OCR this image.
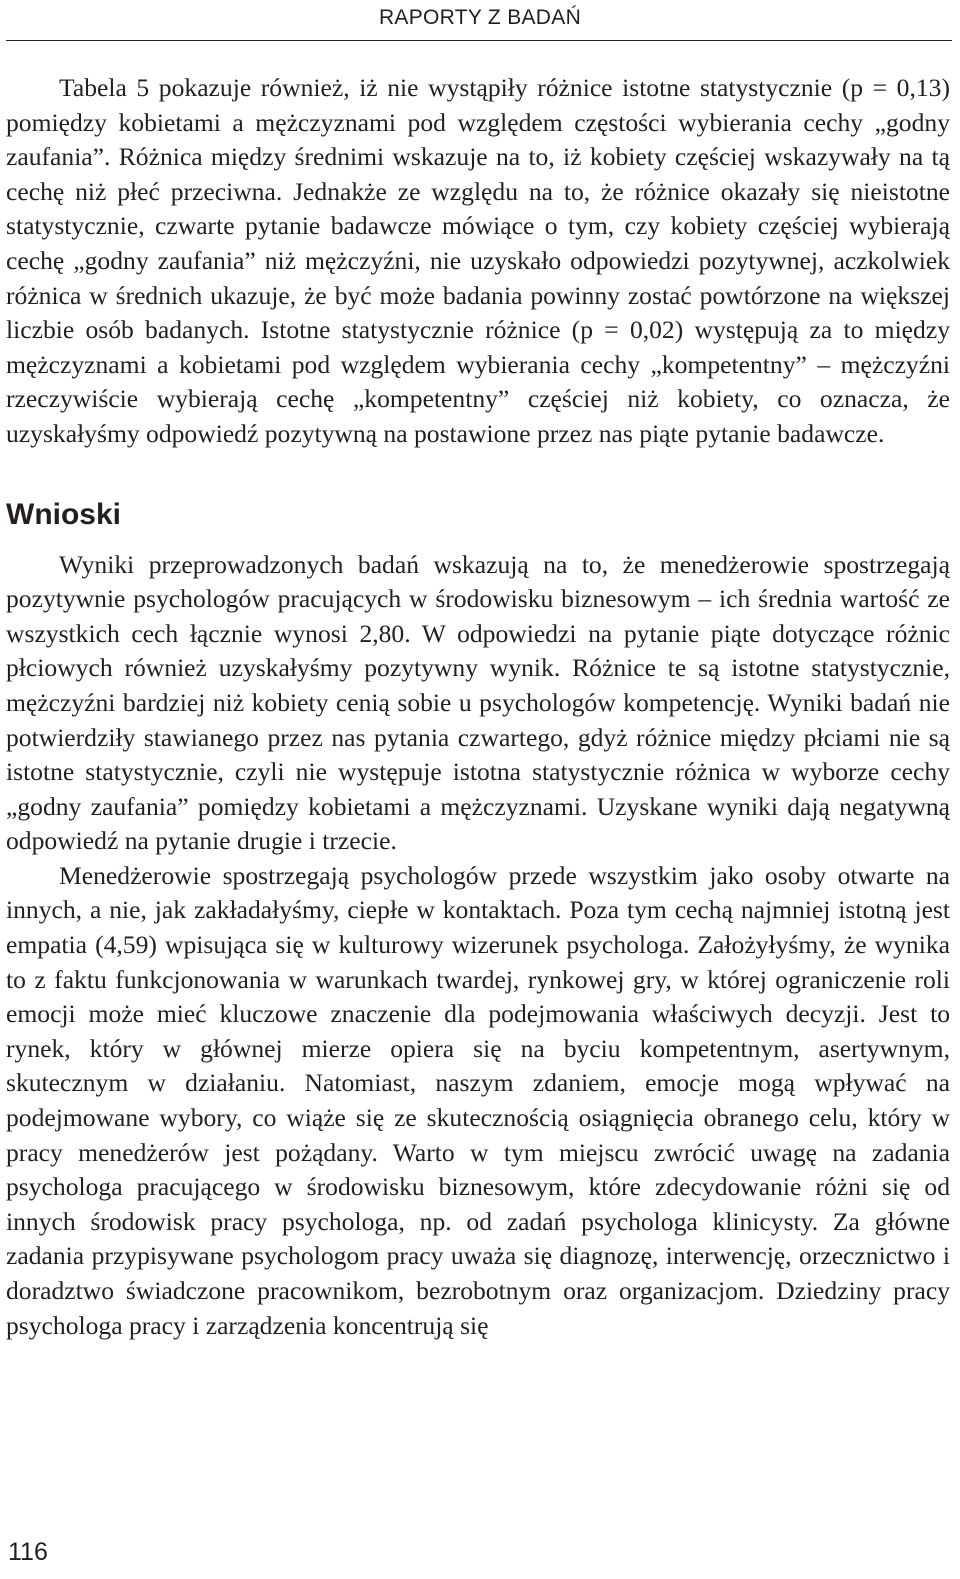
RAPORTY Z BADAŃ

Tabela 5 pokazuje również, iż nie wystąpiły różnice istotne statystycznie (p = 0,13) pomiędzy kobietami a mężczyznami pod względem częstości wybierania cechy „godny zaufania”. Różnica między średnimi wskazuje na to, iż kobiety częściej wskazywały na tą cechę niż płeć przeciwna. Jednakże ze względu na to, że różnice okazały się nieistotne statystycznie, czwarte pytanie badawcze mówiące o tym, czy kobiety częściej wybierają cechę „godny zaufania” niż mężczyźni, nie uzyskało odpowiedzi pozytywnej, aczkolwiek różnica w średnich ukazuje, że być może badania powinny zostać powtórzone na większej liczbie osób badanych. Istotne statystycznie różnice (p = 0,02) występują za to między mężczyznami a kobietami pod względem wybierania cechy „kompetentny” – mężczyźni rzeczywiście wybierają cechę „kompetentny” częściej niż kobiety, co oznacza, że uzyskałyśmy odpowiedź pozytywną na postawione przez nas piąte pytanie badawcze.

Wnioski

Wyniki przeprowadzonych badań wskazują na to, że menedżerowie spostrzegają pozytywnie psychologów pracujących w środowisku biznesowym – ich średnia wartość ze wszystkich cech łącznie wynosi 2,80. W odpowiedzi na pytanie piąte dotyczące różnic płciowych również uzyskałyśmy pozytywny wynik. Różnice te są istotne statystycznie, mężczyźni bardziej niż kobiety cenią sobie u psychologów kompetencję. Wyniki badań nie potwierdziły stawianego przez nas pytania czwartego, gdyż różnice między płciami nie są istotne statystycznie, czyli nie występuje istotna statystycznie różnica w wyborze cechy „godny zaufania” pomiędzy kobietami a mężczyznami. Uzyskane wyniki dają negatywną odpowiedź na pytanie drugie i trzecie.

Menedżerowie spostrzegają psychologów przede wszystkim jako osoby otwarte na innych, a nie, jak zakładałyśmy, ciepłe w kontaktach. Poza tym cechą najmniej istotną jest empatia (4,59) wpisująca się w kulturowy wizerunek psychologa. Założyłyśmy, że wynika to z faktu funkcjonowania w warunkach twardej, rynkowej gry, w której ograniczenie roli emocji może mieć kluczowe znaczenie dla podejmowania właściwych decyzji. Jest to rynek, który w głównej mierze opiera się na byciu kompetentnym, asertywnym, skutecznym w działaniu. Natomiast, naszym zdaniem, emocje mogą wpływać na podejmowane wybory, co wiąże się ze skutecznością osiągnięcia obranego celu, który w pracy menedżerów jest pożądany. Warto w tym miejscu zwrócić uwagę na zadania psychologa pracującego w środowisku biznesowym, które zdecydowanie różni się od innych środowisk pracy psychologa, np. od zadań psychologa klinicysty. Za główne zadania przypisywane psychologom pracy uważa się diagnozę, interwencję, orzecznictwo i doradztwo świadczone pracownikom, bezrobotnym oraz organizacjom. Dziedziny pracy psychologa pracy i zarządzenia koncentrują się

116
